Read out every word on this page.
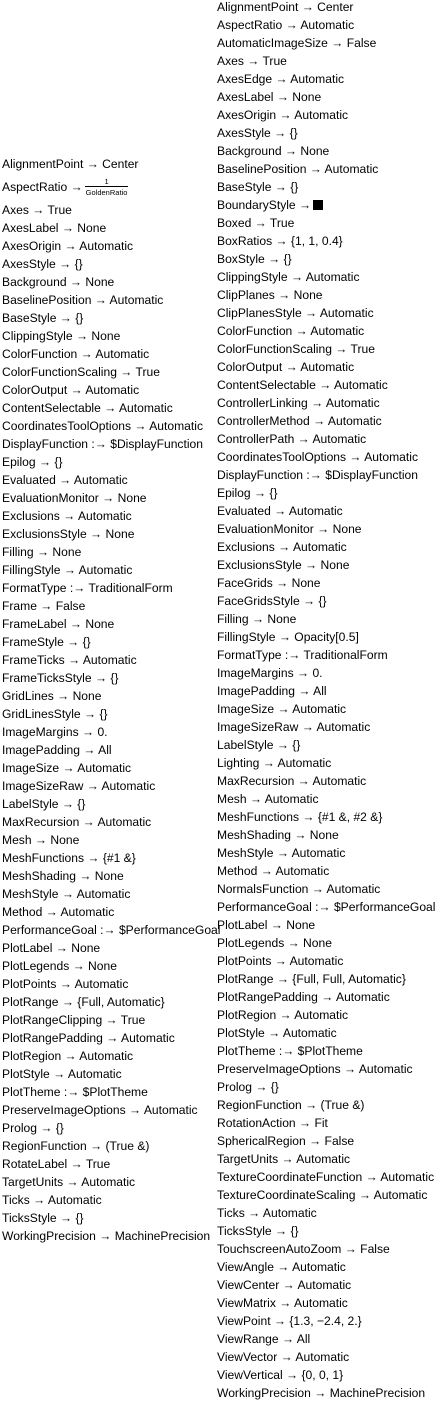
AlignmentPoint → Center
AspectRatio → $\frac{1}{\text{GoldenRatio}}$
Axes → True
AxesLabel → None
AxesOrigin → Automatic
AxesStyle → {}
Background → None
BaselinePosition → Automatic
BaseStyle → {}
ClippingStyle → None
ColorFunction → Automatic
ColorFunctionScaling → True
ColorOutput → Automatic
ContentSelectable → Automatic
CoordinatesToolOptions → Automatic
DisplayFunction :→ $DisplayFunction
Epilog → {}
Evaluated → Automatic
EvaluationMonitor → None
Exclusions → Automatic
ExclusionsStyle → None
Filling → None
FillingStyle → Automatic
FormatType :→ TraditionalForm
Frame → False
FrameLabel → None
FrameStyle → {}
FrameTicks → Automatic
FrameTicksStyle → {}
GridLines → None
GridLinesStyle → {}
ImageMargins → 0.
ImagePadding → All
ImageSize → Automatic
ImageSizeRaw → Automatic
LabelStyle → {}
MaxRecursion → Automatic
Mesh → None
MeshFunctions → {#1 &}
MeshShading → None
MeshStyle → Automatic
Method → Automatic
PerformanceGoal :→ $PerformanceGoal
PlotLabel → None
PlotLegends → None
PlotPoints → Automatic
PlotRange → {Full, Automatic}
PlotRangeClipping → True
PlotRangePadding → Automatic
PlotRegion → Automatic
PlotStyle → Automatic
PlotTheme :→ $PlotTheme
PreserveImageOptions → Automatic
Prolog → {}
RegionFunction → (True &)
RotateLabel → True
TargetUnits → Automatic
Ticks → Automatic
TicksStyle → {}
WorkingPrecision → MachinePrecision
AlignmentPoint → Center
AspectRatio → Automatic
AutomaticImageSize → False
Axes → True
AxesEdge → Automatic
AxesLabel → None
AxesOrigin → Automatic
AxesStyle → {}
Background → None
BaselinePosition → Automatic
BaseStyle → {}
BoundaryStyle →
Boxed → True
BoxRatios → {1, 1, 0.4}
BoxStyle → {}
ClippingStyle → Automatic
ClipPlanes → None
ClipPlanesStyle → Automatic
ColorFunction → Automatic
ColorFunctionScaling → True
ColorOutput → Automatic
ContentSelectable → Automatic
ControllerLinking → Automatic
ControllerMethod → Automatic
ControllerPath → Automatic
CoordinatesToolOptions → Automatic
DisplayFunction :→ $DisplayFunction
Epilog → {}
Evaluated → Automatic
EvaluationMonitor → None
Exclusions → Automatic
ExclusionsStyle → None
FaceGrids → None
FaceGridsStyle → {}
Filling → None
FillingStyle → Opacity[0.5]
FormatType :→ TraditionalForm
ImageMargins → 0.
ImagePadding → All
ImageSize → Automatic
ImageSizeRaw → Automatic
LabelStyle → {}
Lighting → Automatic
MaxRecursion → Automatic
Mesh → Automatic
MeshFunctions → {#1 &, #2 &}
MeshShading → None
MeshStyle → Automatic
Method → Automatic
NormalsFunction → Automatic
PerformanceGoal :→ $PerformanceGoal
PlotLabel → None
PlotLegends → None
PlotPoints → Automatic
PlotRange → {Full, Full, Automatic}
PlotRangePadding → Automatic
PlotRegion → Automatic
PlotStyle → Automatic
PlotTheme :→ $PlotTheme
PreserveImageOptions → Automatic
Prolog → {}
RegionFunction → (True &)
RotationAction → Fit
SphericalRegion → False
TargetUnits → Automatic
TextureCoordinateFunction → Automatic
TextureCoordinateScaling → Automatic
Ticks → Automatic
TicksStyle → {}
TouchscreenAutoZoom → False
ViewAngle → Automatic
ViewCenter → Automatic
ViewMatrix → Automatic
ViewPoint → {1.3, −2.4, 2.}
ViewRange → All
ViewVector → Automatic
ViewVertical → {0, 0, 1}
WorkingPrecision → MachinePrecision
